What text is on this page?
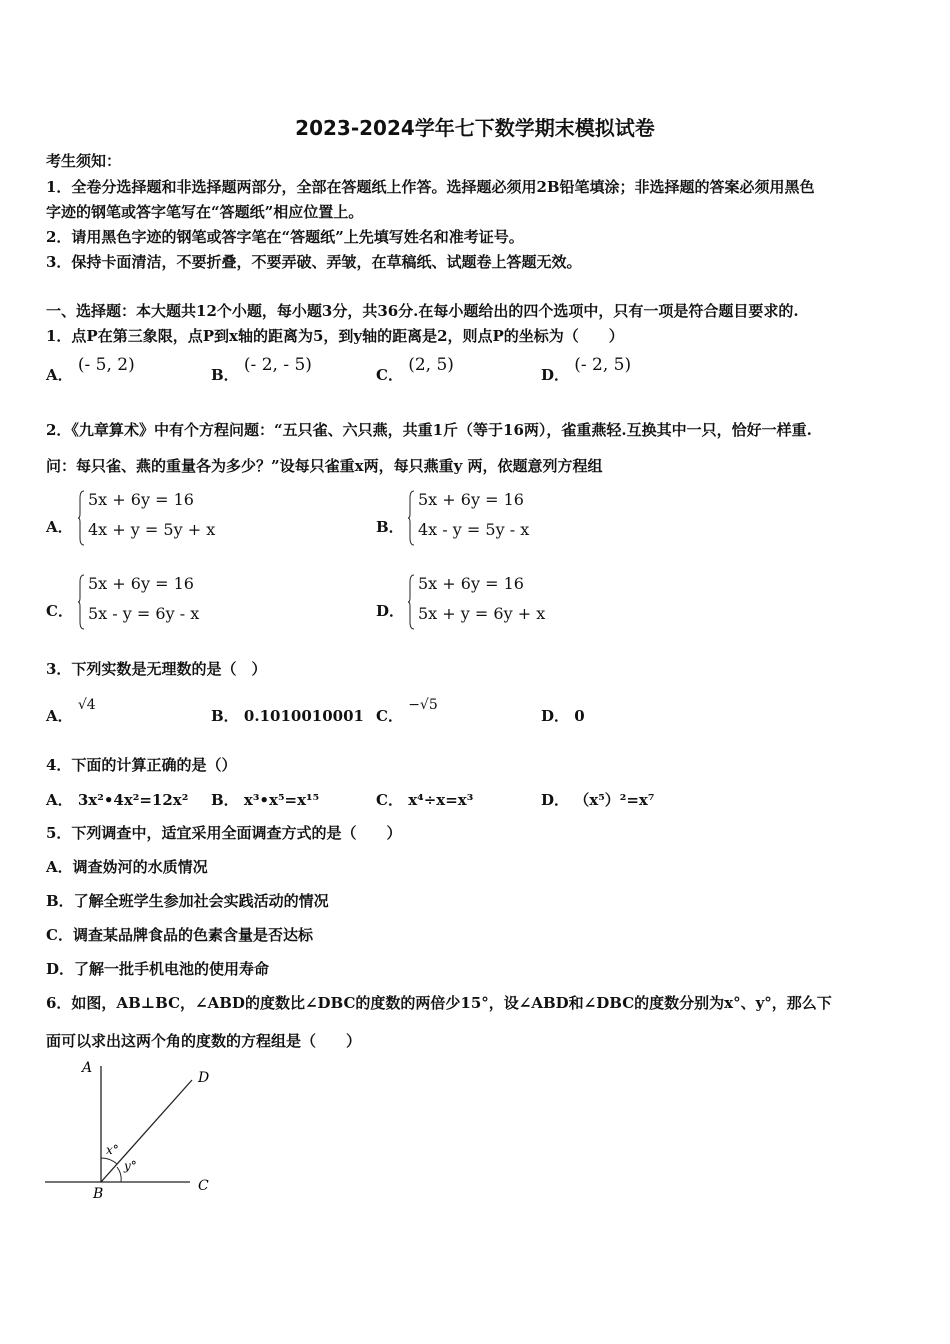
2023-2024学年七下数学期末模拟试卷
考生须知：
1．全卷分选择题和非选择题两部分，全部在答题纸上作答。选择题必须用2B铅笔填涂；非选择题的答案必须用黑色
字迹的钢笔或答字笔写在“答题纸”相应位置上。
2．请用黑色字迹的钢笔或答字笔在“答题纸”上先填写姓名和准考证号。
3．保持卡面清洁，不要折叠，不要弄破、弄皱，在草稿纸、试题卷上答题无效。
一、选择题：本大题共12个小题，每小题3分，共36分.在每小题给出的四个选项中，只有一项是符合题目要求的.
1．点P在第三象限，点P到x轴的距离为5，到y轴的距离是2，则点P的坐标为（　　）
A． (- 5, 2)	B． (- 2, - 5)	C． (2, 5)	D． (- 2, 5)
2．《九章算术》中有个方程问题：“五只雀、六只燕，共重1斤（等于16两），雀重燕轻.互换其中一只，恰好一样重.
问：每只雀、燕的重量各为多少？”设每只雀重x两，每只燕重y 两，依题意列方程组
A．
5x + 6y = 16
4x + y = 5y + x	B．
5x + 6y = 16
4x - y = 5y - x
C．
5x + 6y = 16
5x - y = 6y - x	D．
5x + 6y = 16
5x + y = 6y + x
3．下列实数是无理数的是（　）
A． √4
B． 0.1010010001 C． −√5
D． 0
4．下面的计算正确的是（）
A． 3x²•4x²=12x² B． x³•x⁵=x¹⁵	C． x⁴÷x=x³	D． （x⁵）²=x⁷
5．下列调查中，适宜采用全面调查方式的是（　　）
A．调查妫河的水质情况
B．了解全班学生参加社会实践活动的情况
C．调查某品牌食品的色素含量是否达标
D．了解一批手机电池的使用寿命
6．如图，AB⊥BC，∠ABD的度数比∠DBC的度数的两倍少15°，设∠ABD和∠DBC的度数分别为x°、y°，那么下
面可以求出这两个角的度数的方程组是（　　）
A
B	C
D
x°
y°
